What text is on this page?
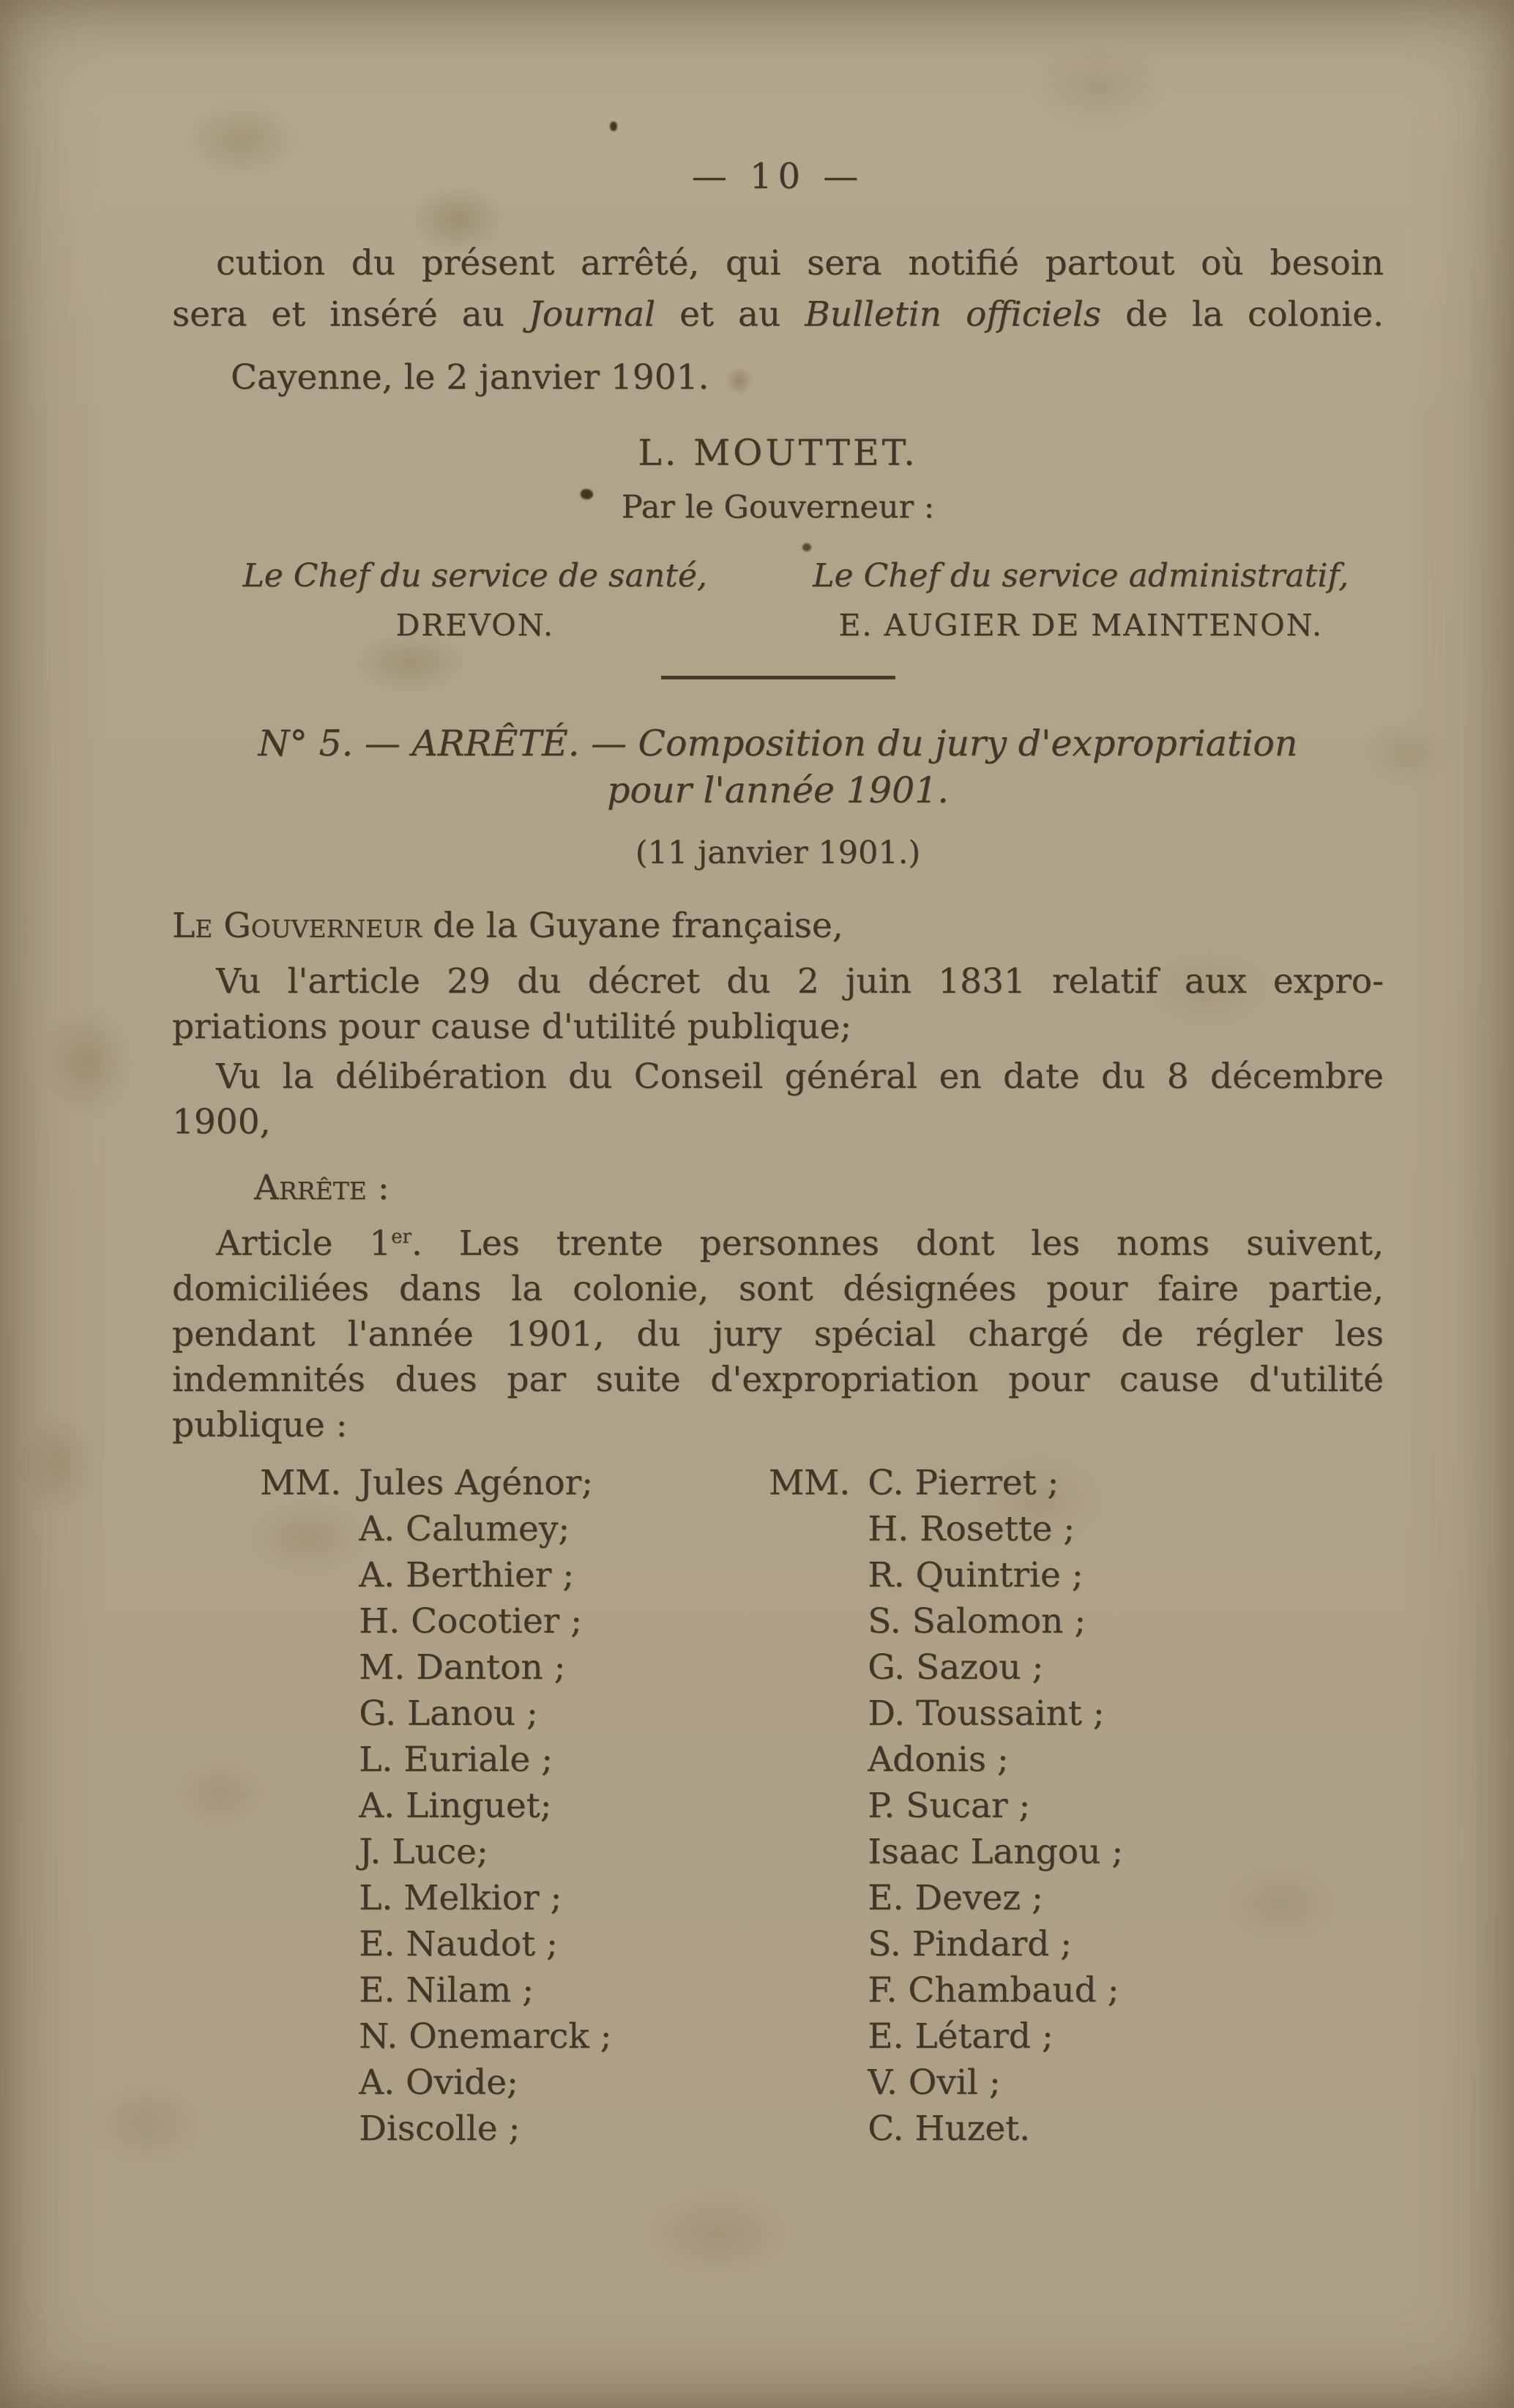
— 10 —
cution du présent arrêté, qui sera notifié partout où besoin
sera et inséré au Journal et au Bulletin officiels de la colonie.
Cayenne, le 2 janvier 1901.
L. MOUTTET.
Par le Gouverneur :
Le Chef du service de santé,
DREVON.
Le Chef du service administratif,
E. AUGIER DE MAINTENON.
N° 5. — ARRÊTÉ. — Composition du jury d'expropriation
pour l'année 1901.
(11 janvier 1901.)
Le Gouverneur de la Guyane française,
Vu l'article 29 du décret du 2 juin 1831 relatif aux expro-
priations pour cause d'utilité publique;
Vu la délibération du Conseil général en date du 8 décembre
1900,
Arrête :
Article 1er. Les trente personnes dont les noms suivent,
domiciliées dans la colonie, sont désignées pour faire partie,
pendant l'année 1901, du jury spécial chargé de régler les
indemnités dues par suite d'expropriation pour cause d'utilité
publique :
MM. Jules Agénor;
A. Calumey;
A. Berthier ;
H. Cocotier ;
M. Danton ;
G. Lanou ;
L. Euriale ;
A. Linguet;
J. Luce;
L. Melkior ;
E. Naudot ;
E. Nilam ;
N. Onemarck ;
A. Ovide;
Discolle ;
MM. C. Pierret ;
H. Rosette ;
R. Quintrie ;
S. Salomon ;
G. Sazou ;
D. Toussaint ;
Adonis ;
P. Sucar ;
Isaac Langou ;
E. Devez ;
S. Pindard ;
F. Chambaud ;
E. Létard ;
V. Ovil ;
C. Huzet.
